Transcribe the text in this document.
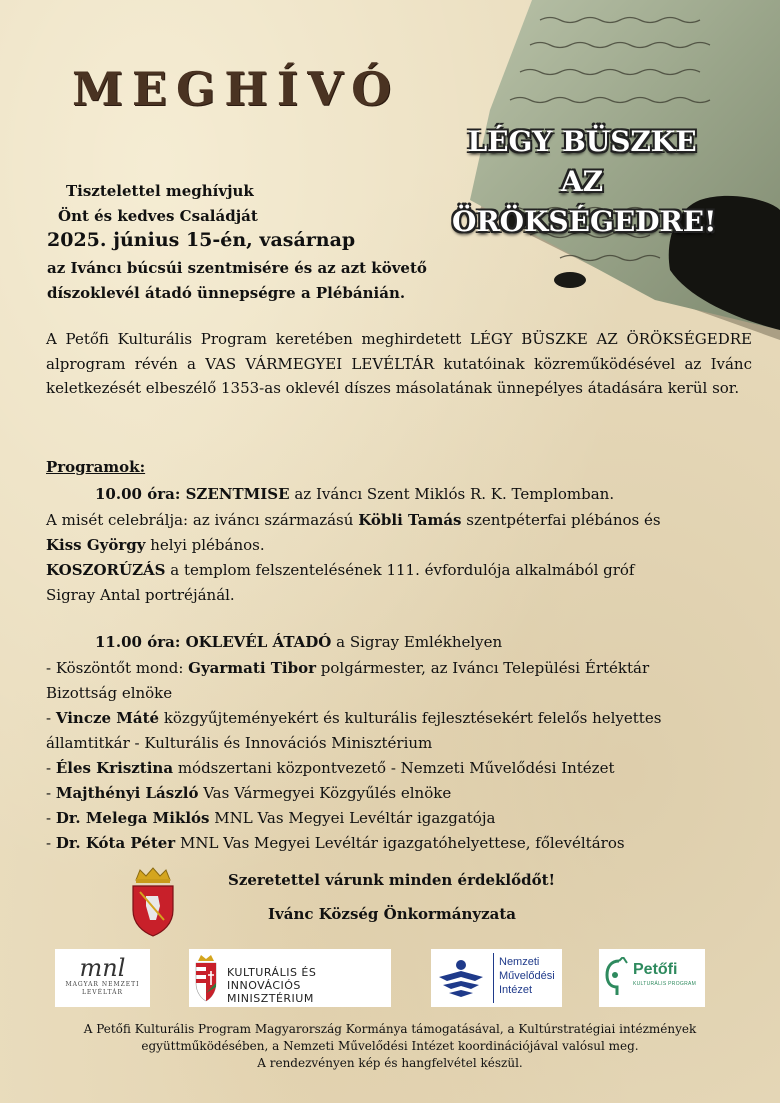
MEGHÍVÓ
LÉGY BÜSZKE
AZ ÖRÖKSÉGEDRE!
Tisztelettel meghívjuk
Önt és kedves Családját
2025. június 15-én, vasárnap
az Iváncı búcsúi szentmisére és az azt követő
díszoklevél átadó ünnepségre a Plébánián.
A Petőfi Kulturális Program keretében meghirdetett LÉGY BÜSZKE AZ ÖRÖKSÉGEDRE alprogram révén a VAS VÁRMEGYEI LEVÉLTÁR kutatóinak közreműködésével az Ivánc keletkezését elbeszélő 1353-as oklevél díszes másolatának ünnepélyes átadására kerül sor.
Programok:
10.00 óra: SZENTMISE az Iváncı Szent Miklós R. K. Templomban.
A misét celebrálja: az iváncı származású Köbli Tamás szentpéterfai plébános és
Kiss György helyi plébános.
KOSZORÚZÁS a templom felszentelésének 111. évfordulója alkalmából gróf
Sigray Antal portréjánál.
11.00 óra: OKLEVÉL ÁTADÓ a Sigray Emlékhelyen
- Köszöntőt mond: Gyarmati Tibor polgármester, az Iváncı Települési Értéktár
Bizottság elnöke
- Vincze Máté közgyűjteményekért és kulturális fejlesztésekért felelős helyettes
államtitkár - Kulturális és Innovációs Minisztérium
- Éles Krisztina módszertani központvezető - Nemzeti Művelődési Intézet
- Majthényi László Vas Vármegyei Közgyűlés elnöke
- Dr. Melega Miklós MNL Vas Megyei Levéltár igazgatója
- Dr. Kóta Péter MNL Vas Megyei Levéltár igazgatóhelyettese, főlevéltáros
Szeretettel várunk minden érdeklődőt!
Ivánc Község Önkormányzata
mnl
MAGYAR NEMZETI
LEVÉLTÁR
KULTURÁLIS ÉS INNOVÁCIÓS
MINISZTÉRIUM
Nemzeti
Művelődési
Intézet
Petőfi
KULTURÁLIS PROGRAM
A Petőfi Kulturális Program Magyarország Kormánya támogatásával, a Kultúrstratégiai intézmények
együttműködésében, a Nemzeti Művelődési Intézet koordinációjával valósul meg.
A rendezvényen kép és hangfelvétel készül.
